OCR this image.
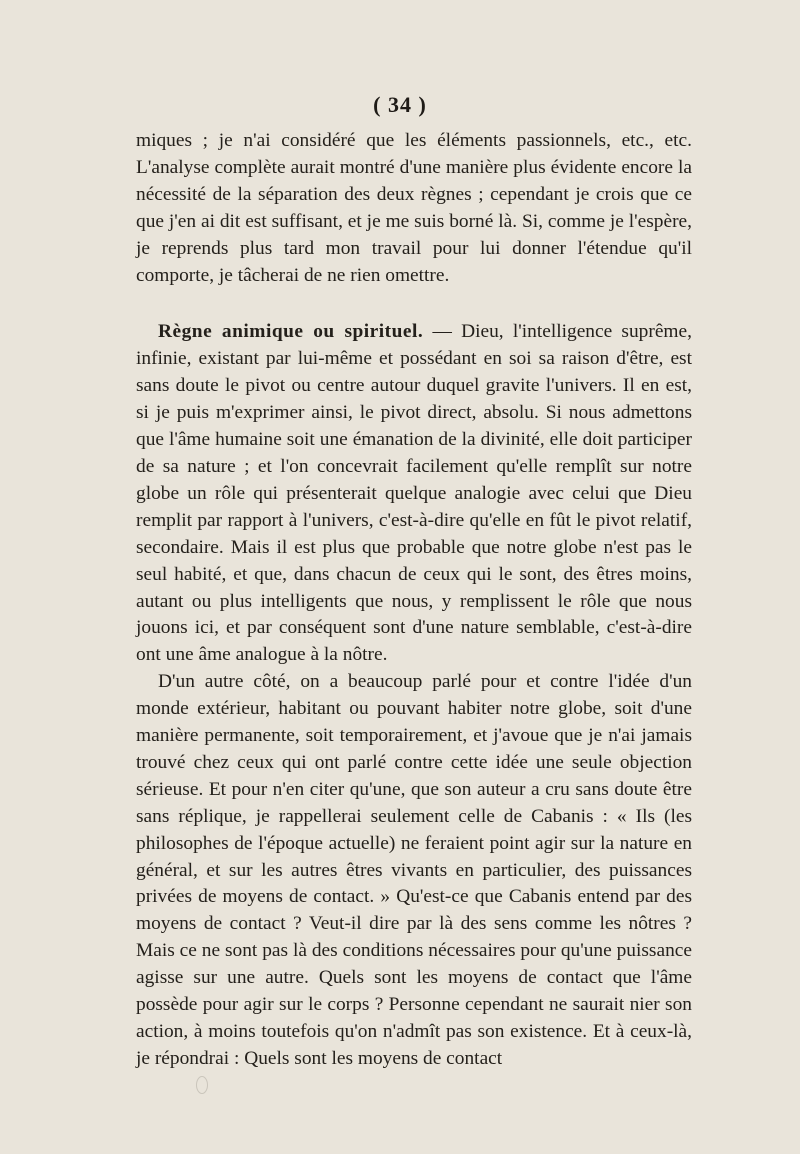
( 34 )

miques ; je n'ai considéré que les éléments passionnels, etc., etc. L'analyse complète aurait montré d'une manière plus évidente encore la nécessité de la séparation des deux règnes ; cependant je crois que ce que j'en ai dit est suffisant, et je me suis borné là. Si, comme je l'espère, je reprends plus tard mon travail pour lui donner l'étendue qu'il comporte, je tâcherai de ne rien omettre.

Règne animique ou spirituel. — Dieu, l'intelligence suprême, infinie, existant par lui-même et possédant en soi sa raison d'être, est sans doute le pivot ou centre autour duquel gravite l'univers. Il en est, si je puis m'exprimer ainsi, le pivot direct, absolu. Si nous admettons que l'âme humaine soit une émanation de la divinité, elle doit participer de sa nature ; et l'on concevrait facilement qu'elle remplît sur notre globe un rôle qui présenterait quelque analogie avec celui que Dieu remplit par rapport à l'univers, c'est-à-dire qu'elle en fût le pivot relatif, secondaire. Mais il est plus que probable que notre globe n'est pas le seul habité, et que, dans chacun de ceux qui le sont, des êtres moins, autant ou plus intelligents que nous, y remplissent le rôle que nous jouons ici, et par conséquent sont d'une nature semblable, c'est-à-dire ont une âme analogue à la nôtre.

D'un autre côté, on a beaucoup parlé pour et contre l'idée d'un monde extérieur, habitant ou pouvant habiter notre globe, soit d'une manière permanente, soit temporairement, et j'avoue que je n'ai jamais trouvé chez ceux qui ont parlé contre cette idée une seule objection sérieuse. Et pour n'en citer qu'une, que son auteur a cru sans doute être sans réplique, je rappellerai seulement celle de Cabanis : « Ils (les philosophes de l'époque actuelle) ne feraient point agir sur la nature en général, et sur les autres êtres vivants en particulier, des puissances privées de moyens de contact. » Qu'est-ce que Cabanis entend par des moyens de contact ? Veut-il dire par là des sens comme les nôtres ? Mais ce ne sont pas là des conditions nécessaires pour qu'une puissance agisse sur une autre. Quels sont les moyens de contact que l'âme possède pour agir sur le corps ? Personne cependant ne saurait nier son action, à moins toutefois qu'on n'admît pas son existence. Et à ceux-là, je répondrai : Quels sont les moyens de contact
